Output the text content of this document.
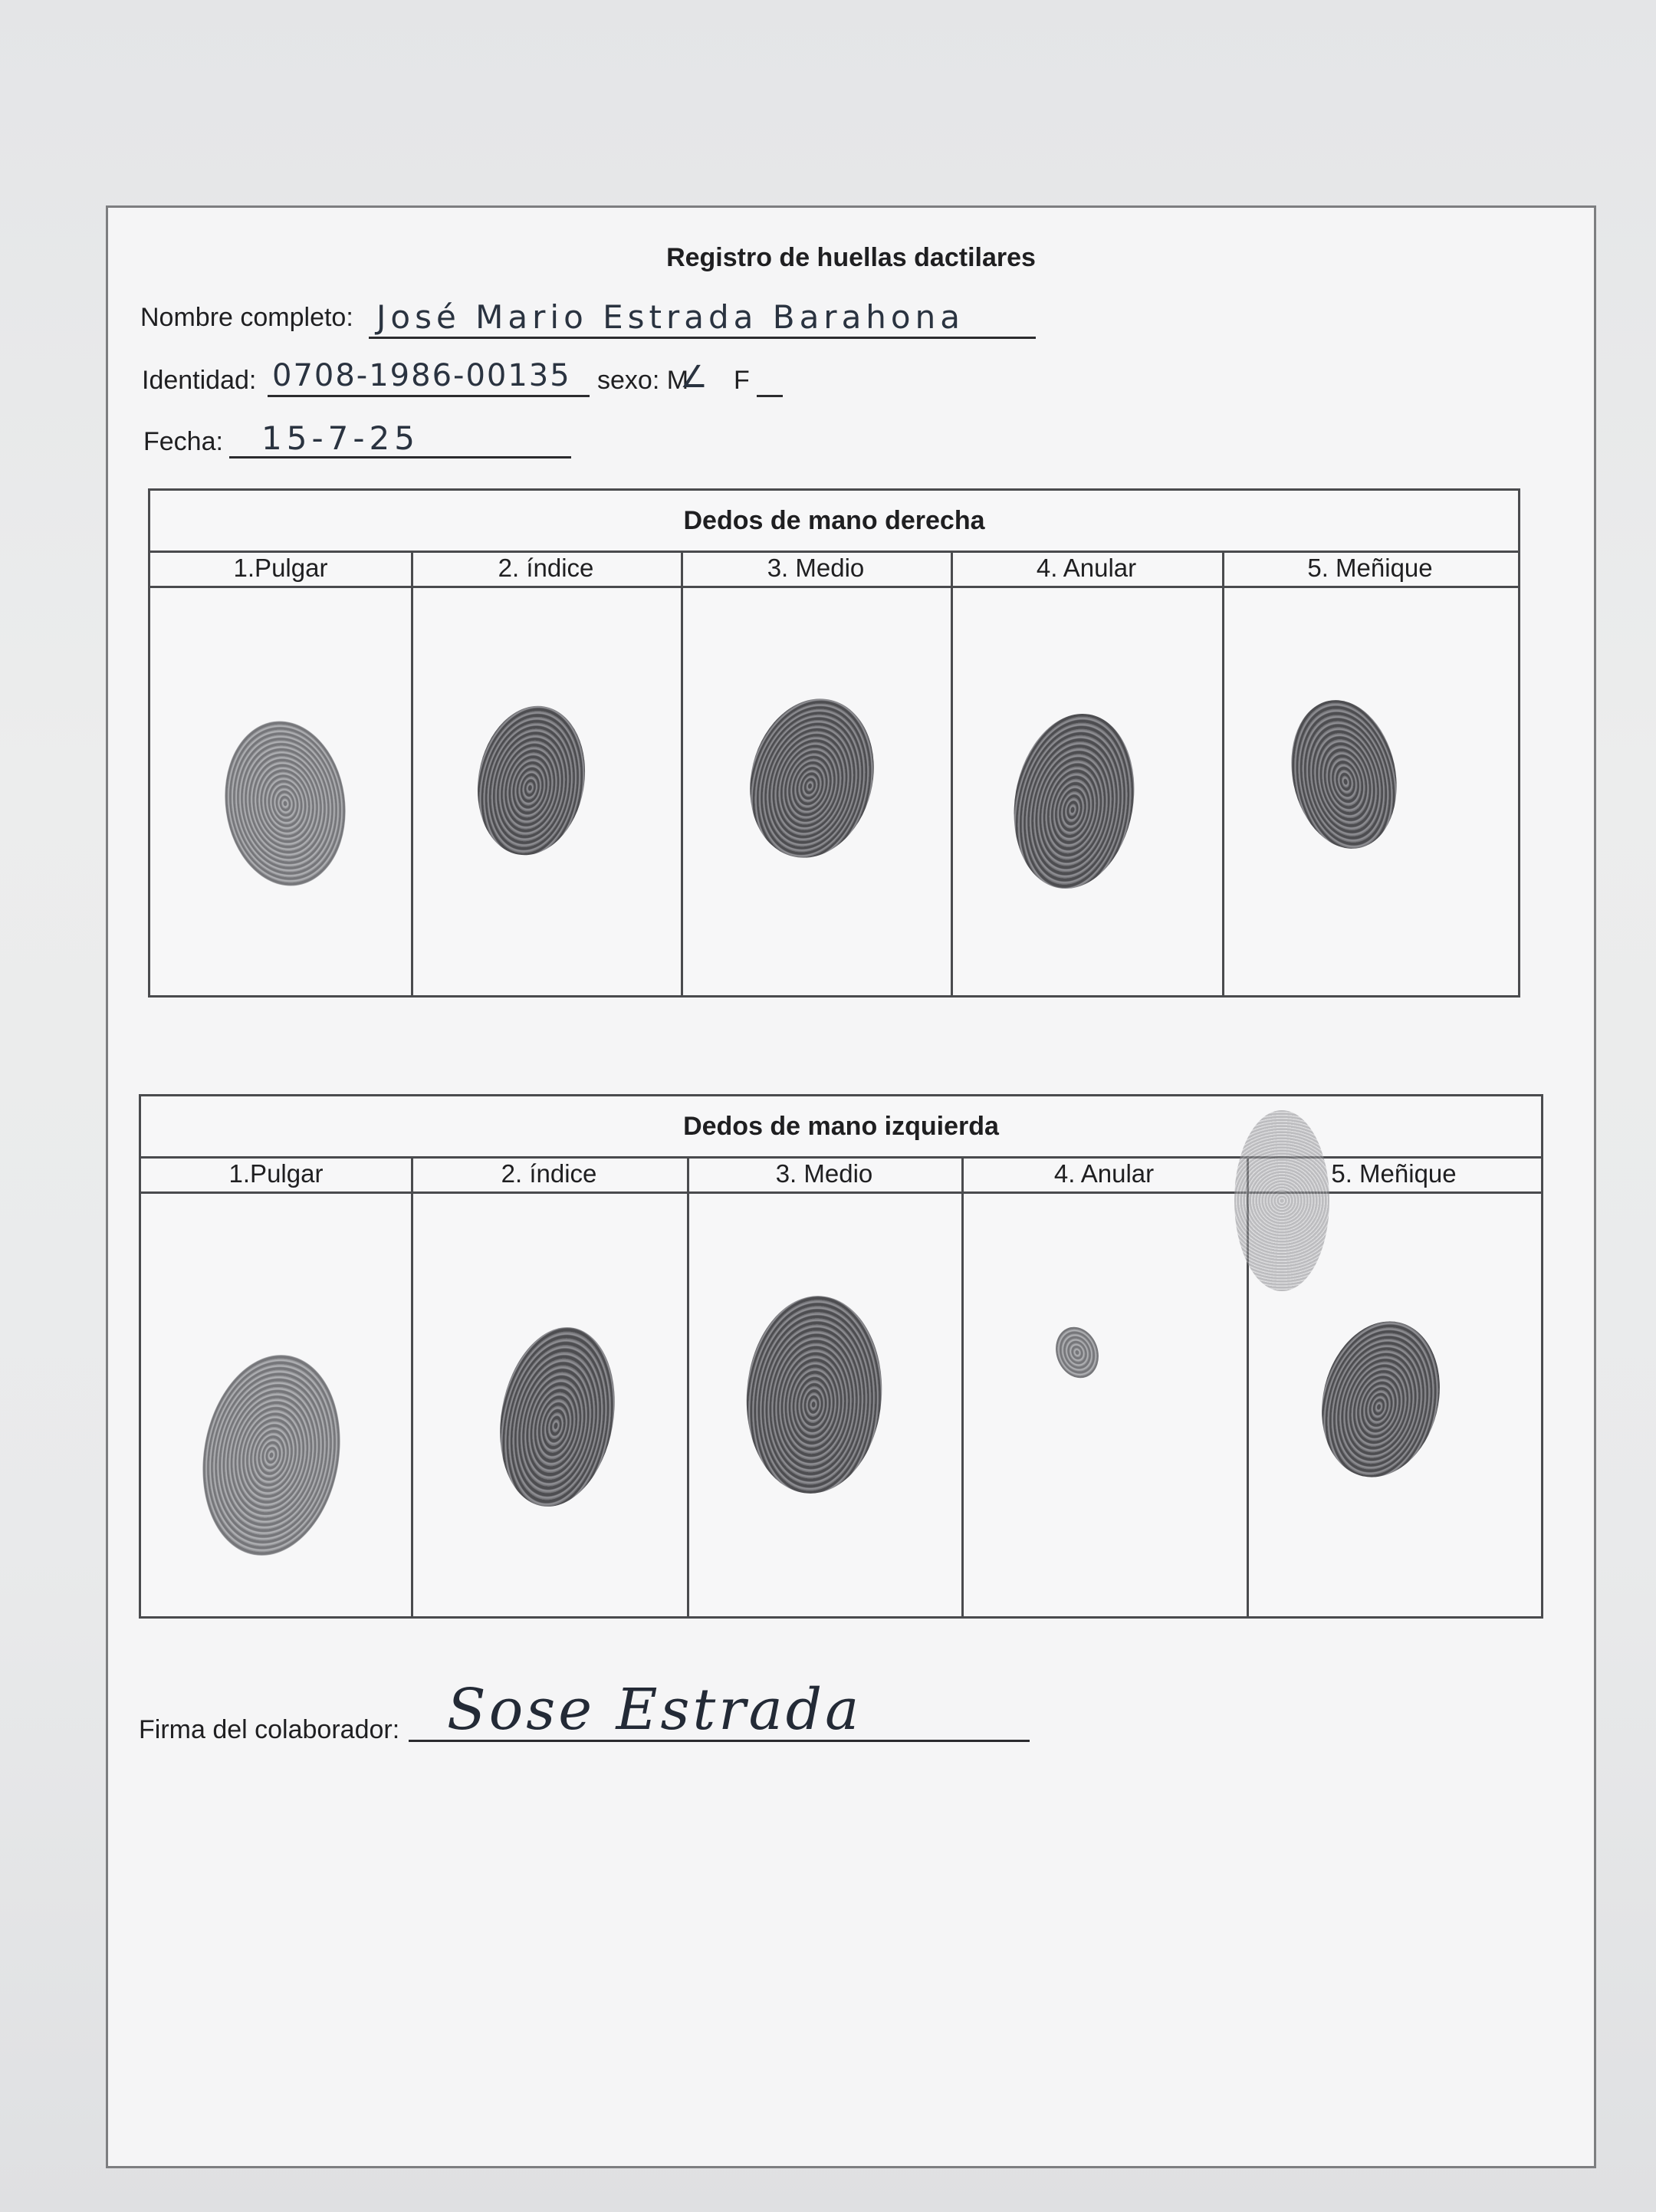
Registro de huellas dactilares
Nombre completo: José Mario Estrada Barahona
Identidad: 0708-1986-00135 sexo: M
∠ F
Fecha: 15-7-25
Dedos de mano derecha
1.Pulgar	2. índice	3. Medio	4. Anular	5. Meñique
Dedos de mano izquierda
1.Pulgar	2. índice	3. Medio	4. Anular	5. Meñique
Firma del colaborador: Sose Estrada
